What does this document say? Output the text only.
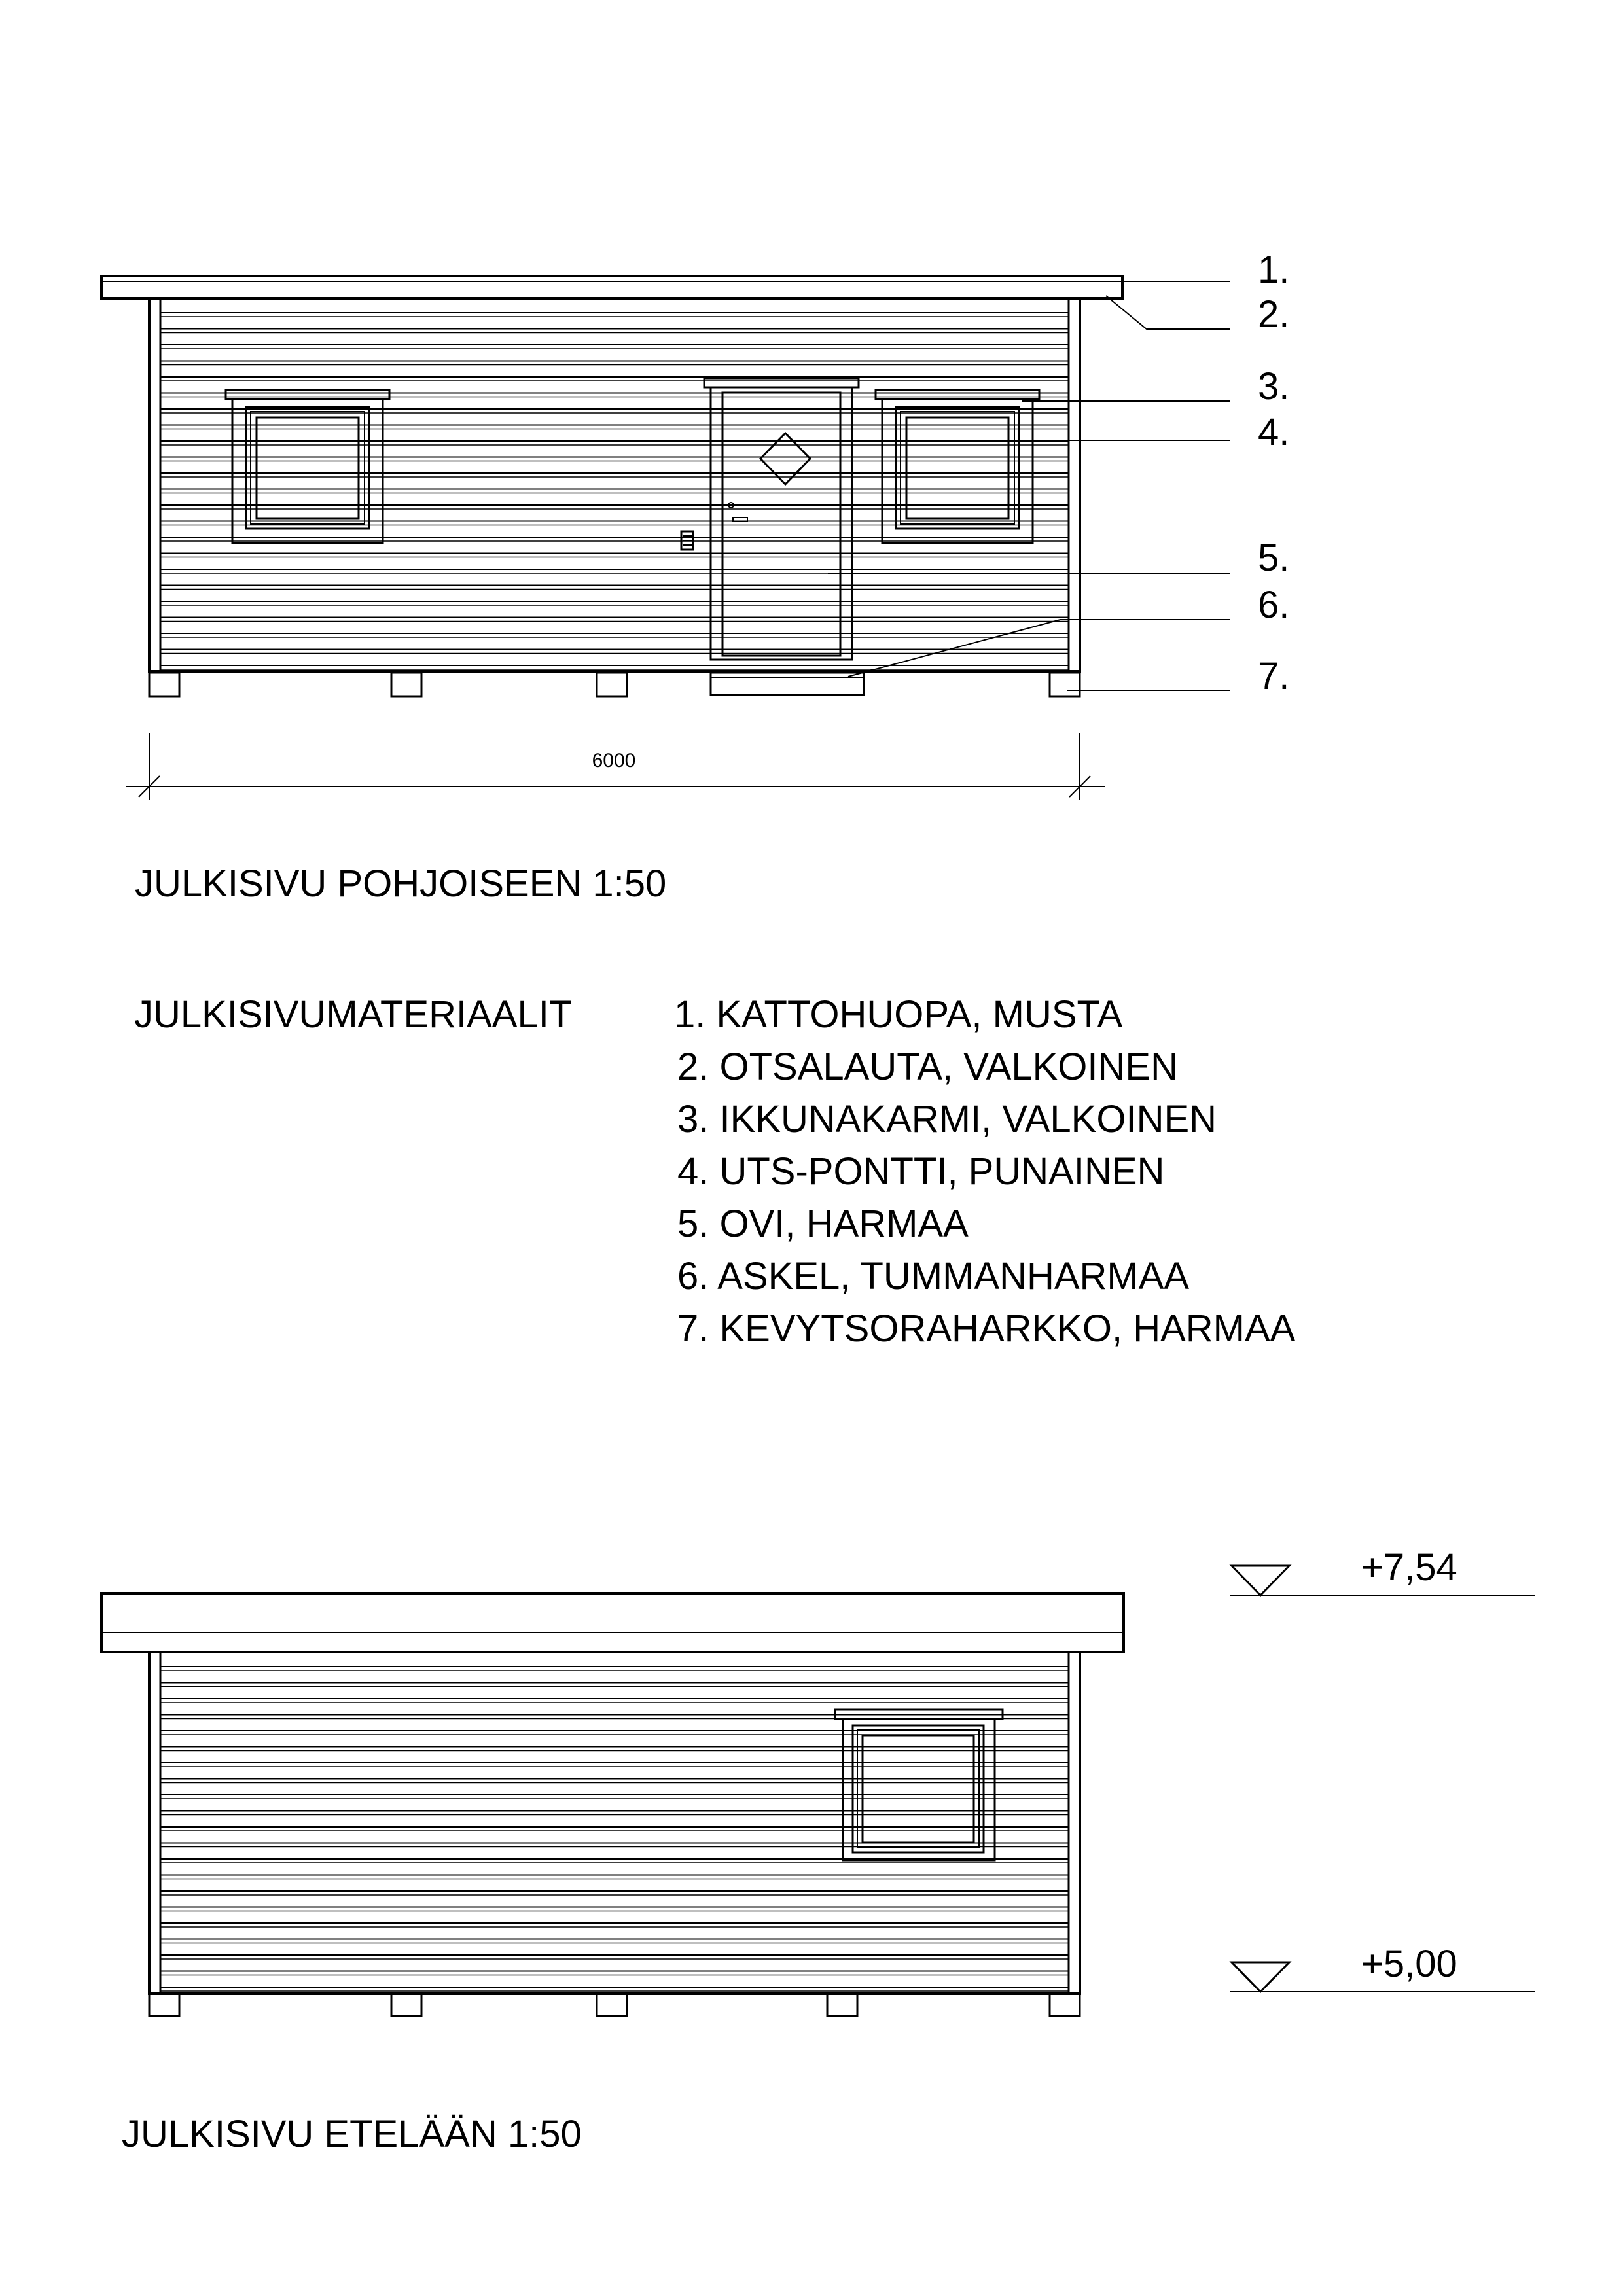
1.
2.
3.
4.
5.
6.
7.
6000
JULKISIVU POHJOISEEN 1:50
JULKISIVUMATERIAALIT	1. KATTOHUOPA, MUSTA
2. OTSALAUTA, VALKOINEN
3. IKKUNAKARMI, VALKOINEN
4. UTS-PONTTI, PUNAINEN
5. OVI, HARMAA
6. ASKEL, TUMMANHARMAA
7. KEVYTSORAHARKKO, HARMAA
+7,54
+5,00
JULKISIVU ETELÄÄN 1:50
